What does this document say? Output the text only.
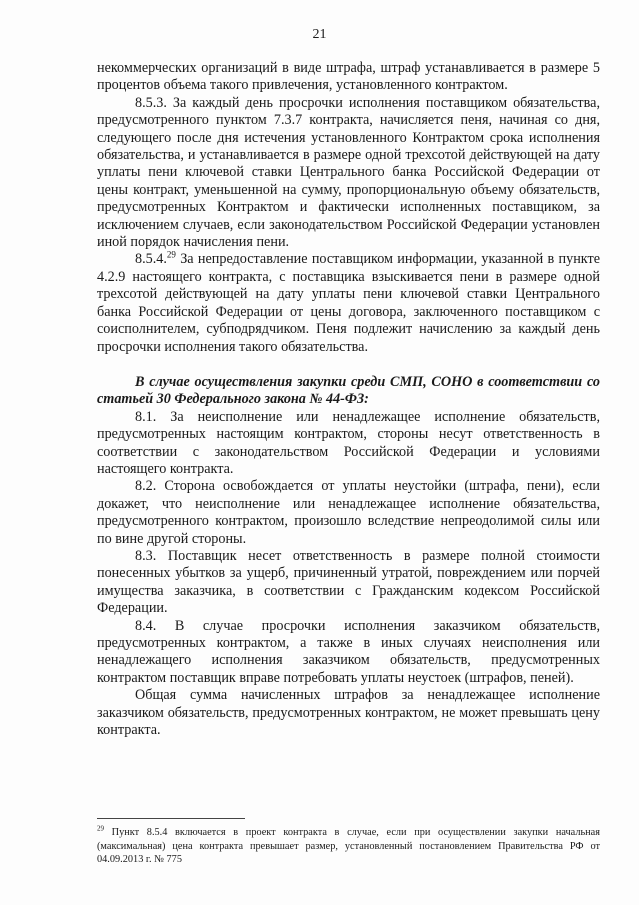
21

некоммерческих организаций в виде штрафа, штраф устанавливается в размере 5 процентов объема такого привлечения, установленного контрактом.

8.5.3. За каждый день просрочки исполнения поставщиком обязательства, предусмотренного пунктом 7.3.7 контракта, начисляется пеня, начиная со дня, следующего после дня истечения установленного Контрактом срока исполнения обязательства, и устанавливается в размере одной трехсотой действующей на дату уплаты пени ключевой ставки Центрального банка Российской Федерации от цены контракт, уменьшенной на сумму, пропорциональную объему обязательств, предусмотренных Контрактом и фактически исполненных поставщиком, за исключением случаев, если законодательством Российской Федерации установлен иной порядок начисления пени.

8.5.4.29 За непредоставление поставщиком информации, указанной в пункте 4.2.9 настоящего контракта, с поставщика взыскивается пени в размере одной трехсотой действующей на дату уплаты пени ключевой ставки Центрального банка Российской Федерации от цены договора, заключенного поставщиком с соисполнителем, субподрядчиком. Пеня подлежит начислению за каждый день просрочки исполнения такого обязательства.

В случае осуществления закупки среди СМП, СОНО в соответствии со статьей 30 Федерального закона № 44-ФЗ:

8.1. За неисполнение или ненадлежащее исполнение обязательств, предусмотренных настоящим контрактом, стороны несут ответственность в соответствии с законодательством Российской Федерации и условиями настоящего контракта.

8.2. Сторона освобождается от уплаты неустойки (штрафа, пени), если докажет, что неисполнение или ненадлежащее исполнение обязательства, предусмотренного контрактом, произошло вследствие непреодолимой силы или по вине другой стороны.

8.3. Поставщик несет ответственность в размере полной стоимости понесенных убытков за ущерб, причиненный утратой, повреждением или порчей имущества заказчика, в соответствии с Гражданским кодексом Российской Федерации.

8.4. В случае просрочки исполнения заказчиком обязательств, предусмотренных контрактом, а также в иных случаях неисполнения или ненадлежащего исполнения заказчиком обязательств, предусмотренных контрактом поставщик вправе потребовать уплаты неустоек (штрафов, пеней).

Общая сумма начисленных штрафов за ненадлежащее исполнение заказчиком обязательств, предусмотренных контрактом, не может превышать цену контракта.

$^{29}$ Пункт 8.5.4 включается в проект контракта в случае, если при осуществлении закупки начальная (максимальная) цена контракта превышает размер, установленный постановлением Правительства РФ от 04.09.2013 г. № 775
